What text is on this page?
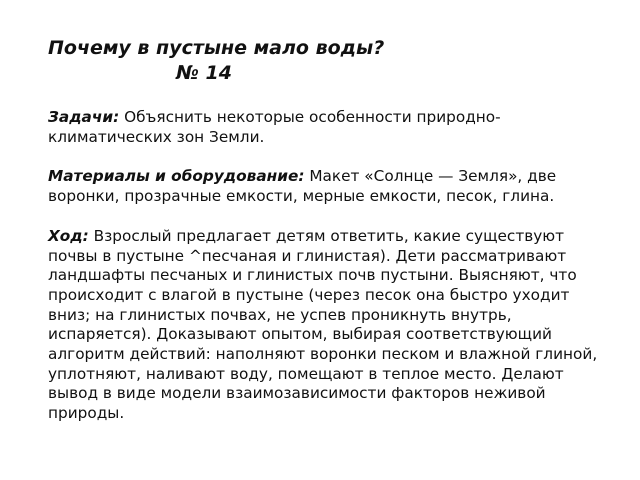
Почему в пустыне мало воды?
№ 14

Задачи: Объяснить некоторые особенности природно-климатических зон Земли.

Материалы и оборудование: Макет «Солнце — Земля», две воронки, прозрачные емкости, мерные емкости, песок, глина.

Ход: Взрослый предлагает детям ответить, какие существуют почвы в пустыне ^песчаная и глинистая). Дети рассматривают ландшафты песчаных и глинистых почв пустыни. Выясняют, что происходит с влагой в пустыне (через песок она быстро уходит вниз; на глинистых почвах, не успев проникнуть внутрь, испаряется). Доказывают опытом, выбирая соответствующий алгоритм действий: наполняют воронки песком и влажной глиной, уплотняют, наливают воду, помещают в теплое место. Делают вывод в виде модели взаимозависимости факторов неживой природы.
